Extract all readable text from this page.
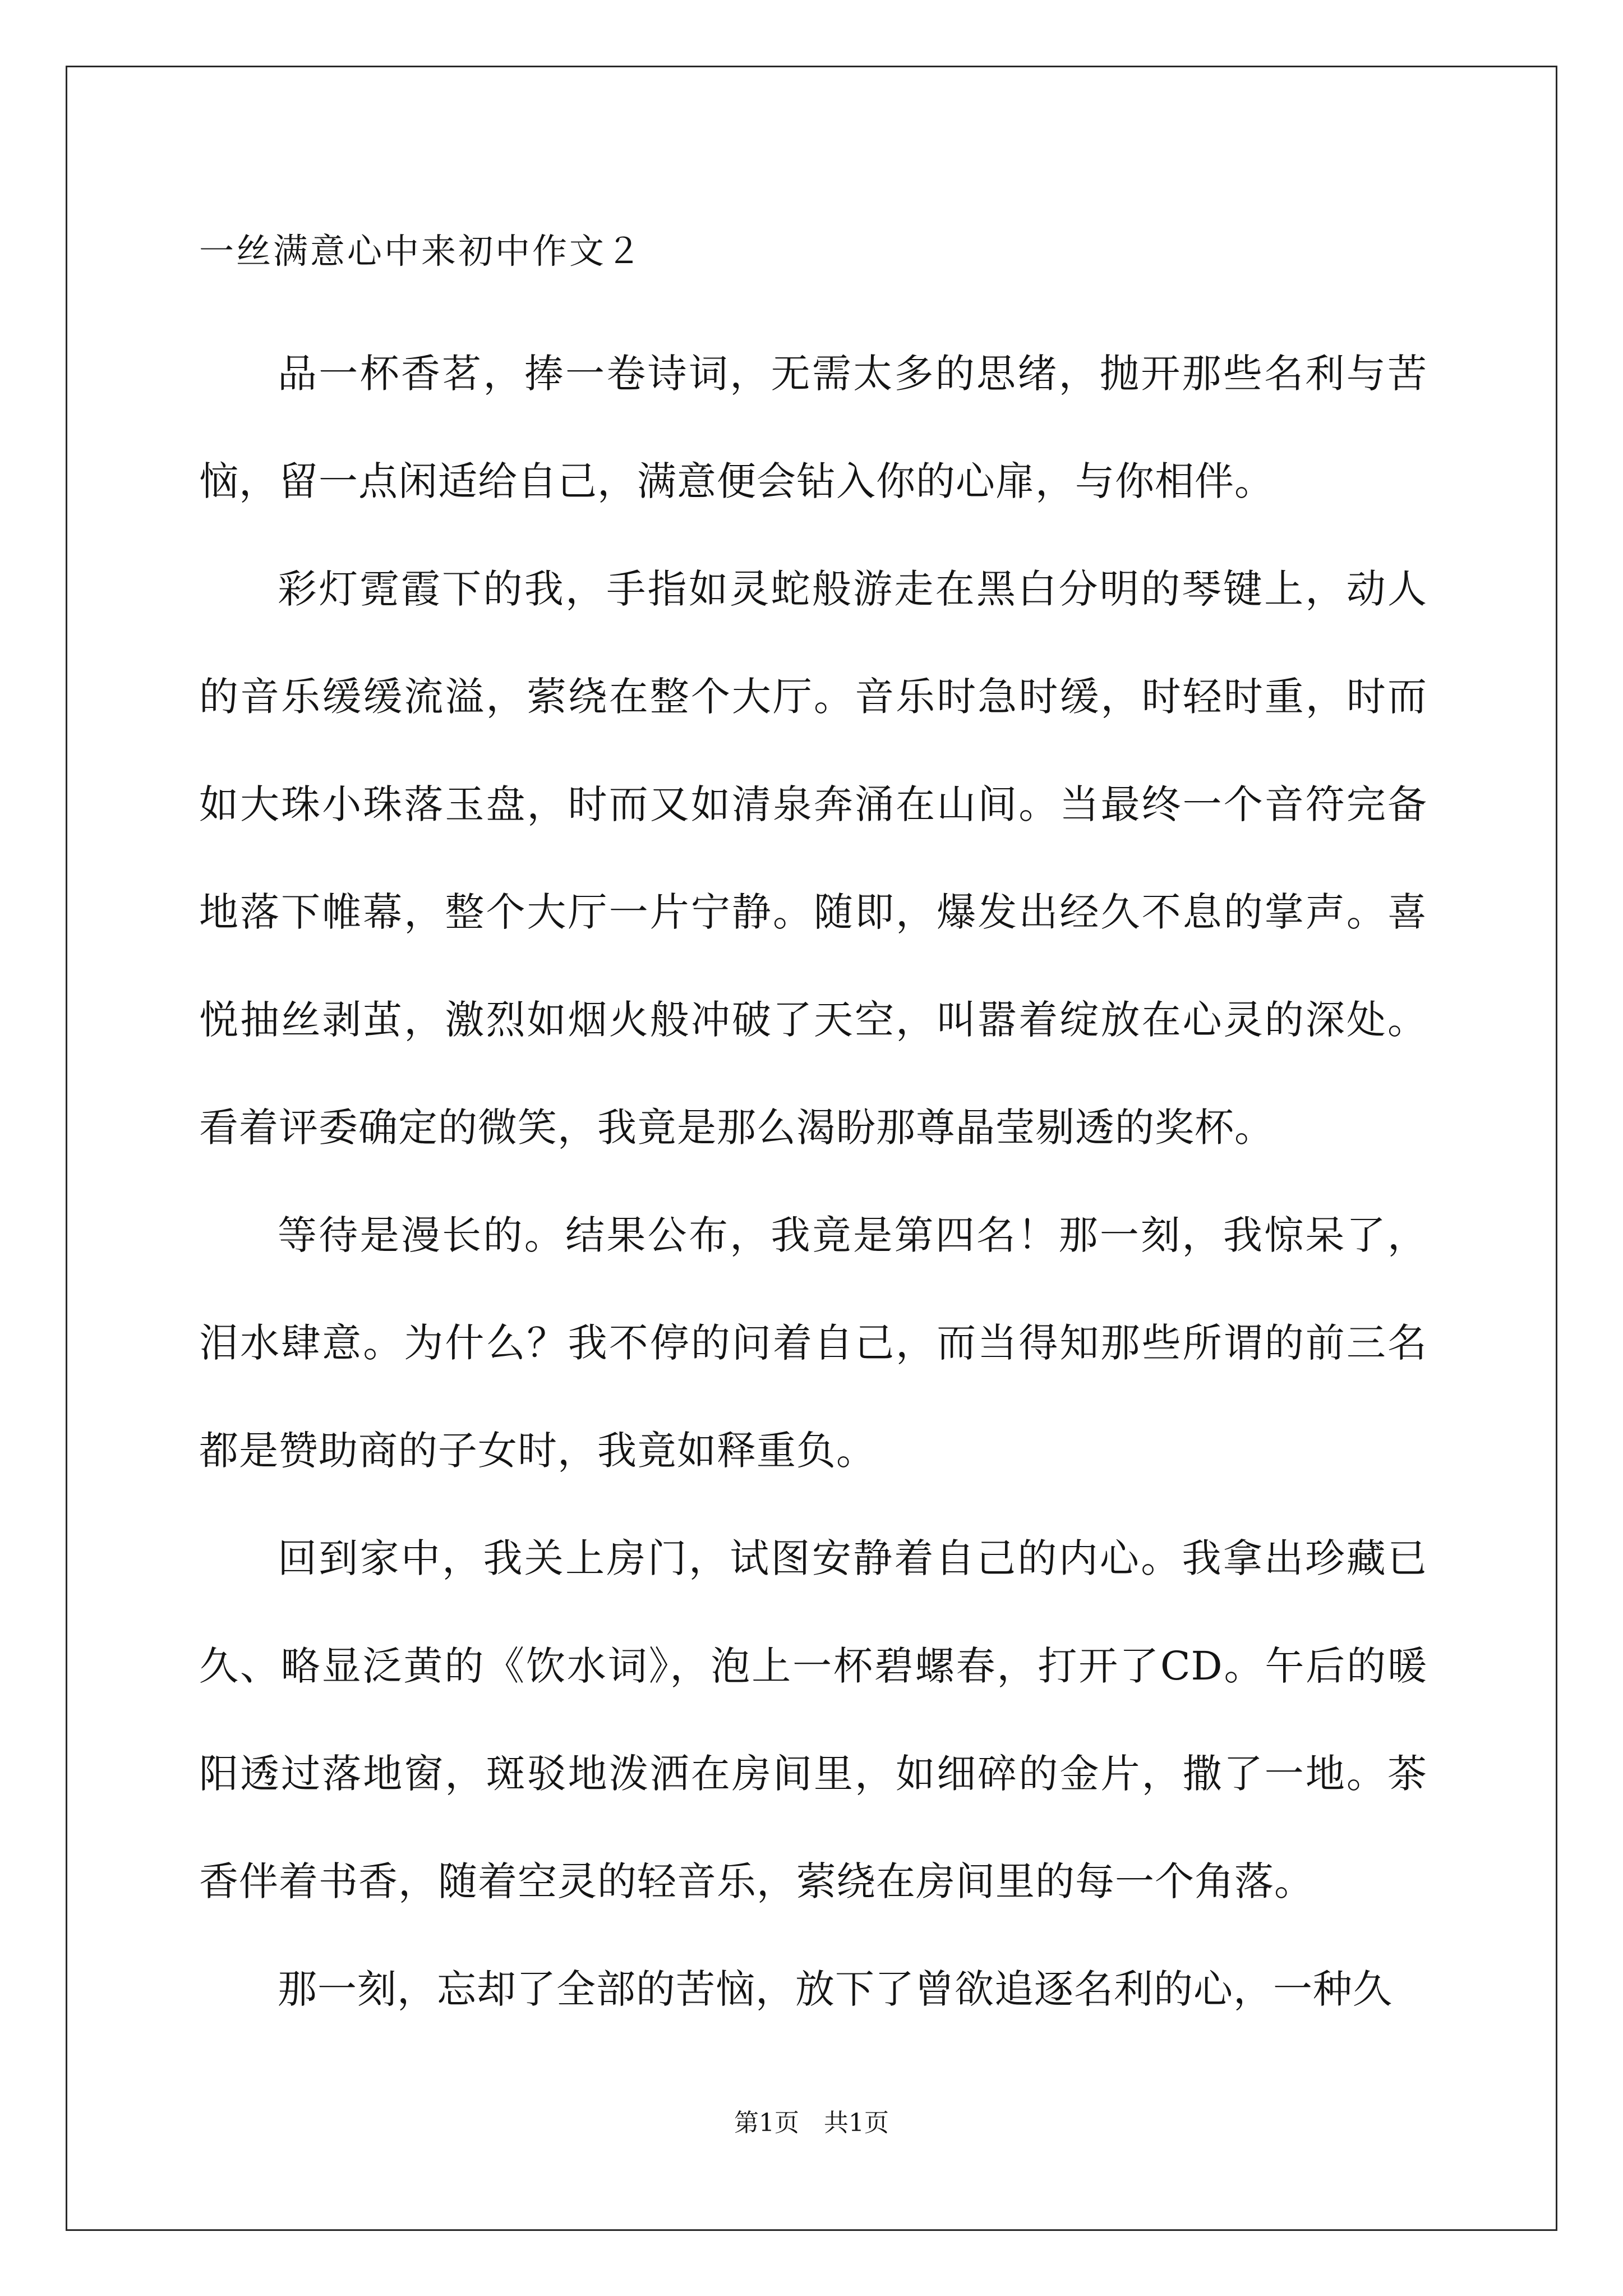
一丝满意心中来初中作文２

品一杯香茗，捧一卷诗词，无需太多的思绪，抛开那些名利与苦恼，留一点闲适给自己，满意便会钻入你的心扉，与你相伴。

彩灯霓霞下的我，手指如灵蛇般游走在黑白分明的琴键上，动人的音乐缓缓流溢，萦绕在整个大厅。音乐时急时缓，时轻时重，时而如大珠小珠落玉盘，时而又如清泉奔涌在山间。当最终一个音符完备地落下帷幕，整个大厅一片宁静。随即，爆发出经久不息的掌声。喜悦抽丝剥茧，激烈如烟火般冲破了天空，叫嚣着绽放在心灵的深处。看着评委确定的微笑，我竟是那么渴盼那尊晶莹剔透的奖杯。

等待是漫长的。结果公布，我竟是第四名！那一刻，我惊呆了，泪水肆意。为什么？我不停的问着自己，而当得知那些所谓的前三名都是赞助商的子女时，我竟如释重负。

回到家中，我关上房门，试图安静着自己的内心。我拿出珍藏已久、略显泛黄的《饮水词》，泡上一杯碧螺春，打开了CD。午后的暖阳透过落地窗，斑驳地泼洒在房间里，如细碎的金片，撒了一地。茶香伴着书香，随着空灵的轻音乐，萦绕在房间里的每一个角落。

那一刻，忘却了全部的苦恼，放下了曾欲追逐名利的心，一种久

第1页　共1页
